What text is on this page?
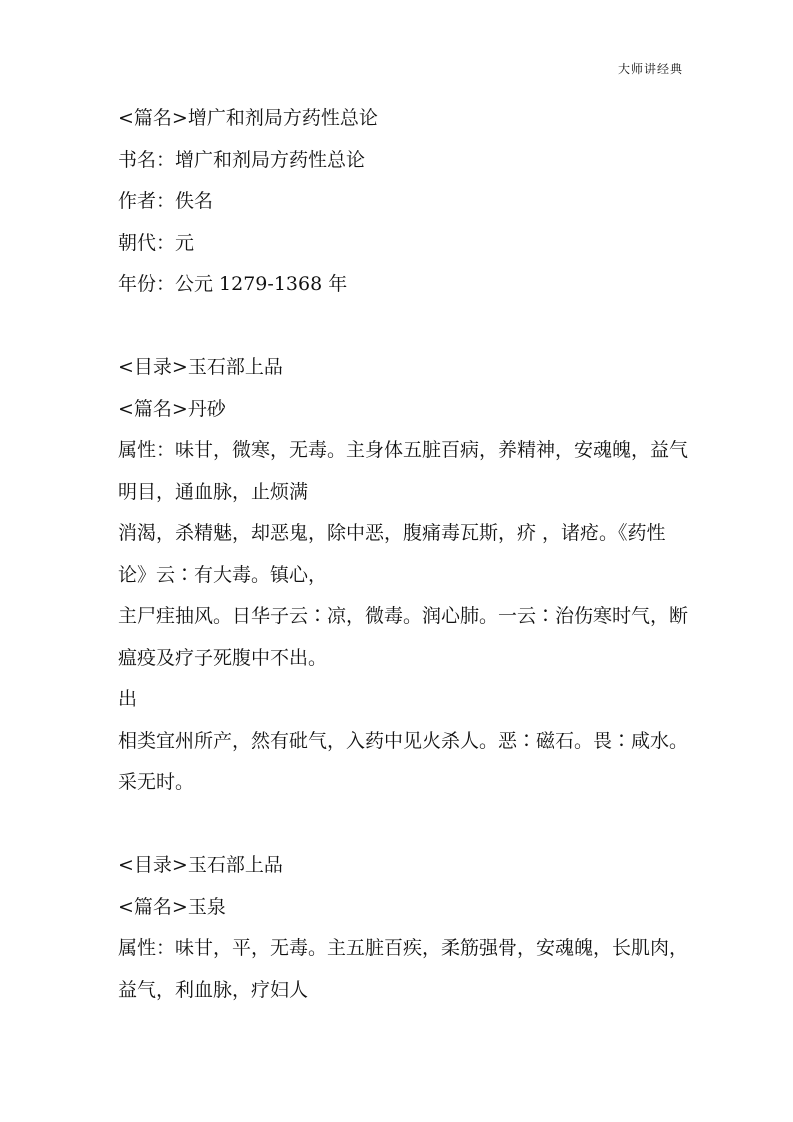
大师讲经典
<篇名>增广和剂局方药性总论
书名：增广和剂局方药性总论
作者：佚名
朝代：元
年份：公元 1279-1368 年
<目录>玉石部上品
<篇名>丹砂
属性：味甘，微寒，无毒。主身体五脏百病，养精神，安魂魄，益气明目，通血脉，止烦满
消渴，杀精魅，却恶鬼，除中恶，腹痛毒瓦斯，疥 ，诸疮。《药性论》云∶有大毒。镇心，
主尸疰抽风。日华子云∶凉，微毒。润心肺。一云∶治伤寒时气，断瘟疫及疗子死腹中不出。
出
相类宜州所产，然有砒气，入药中见火杀人。恶∶磁石。畏∶咸水。采无时。
<目录>玉石部上品
<篇名>玉泉
属性：味甘，平，无毒。主五脏百疾，柔筋强骨，安魂魄，长肌肉，益气，利血脉，疗妇人
